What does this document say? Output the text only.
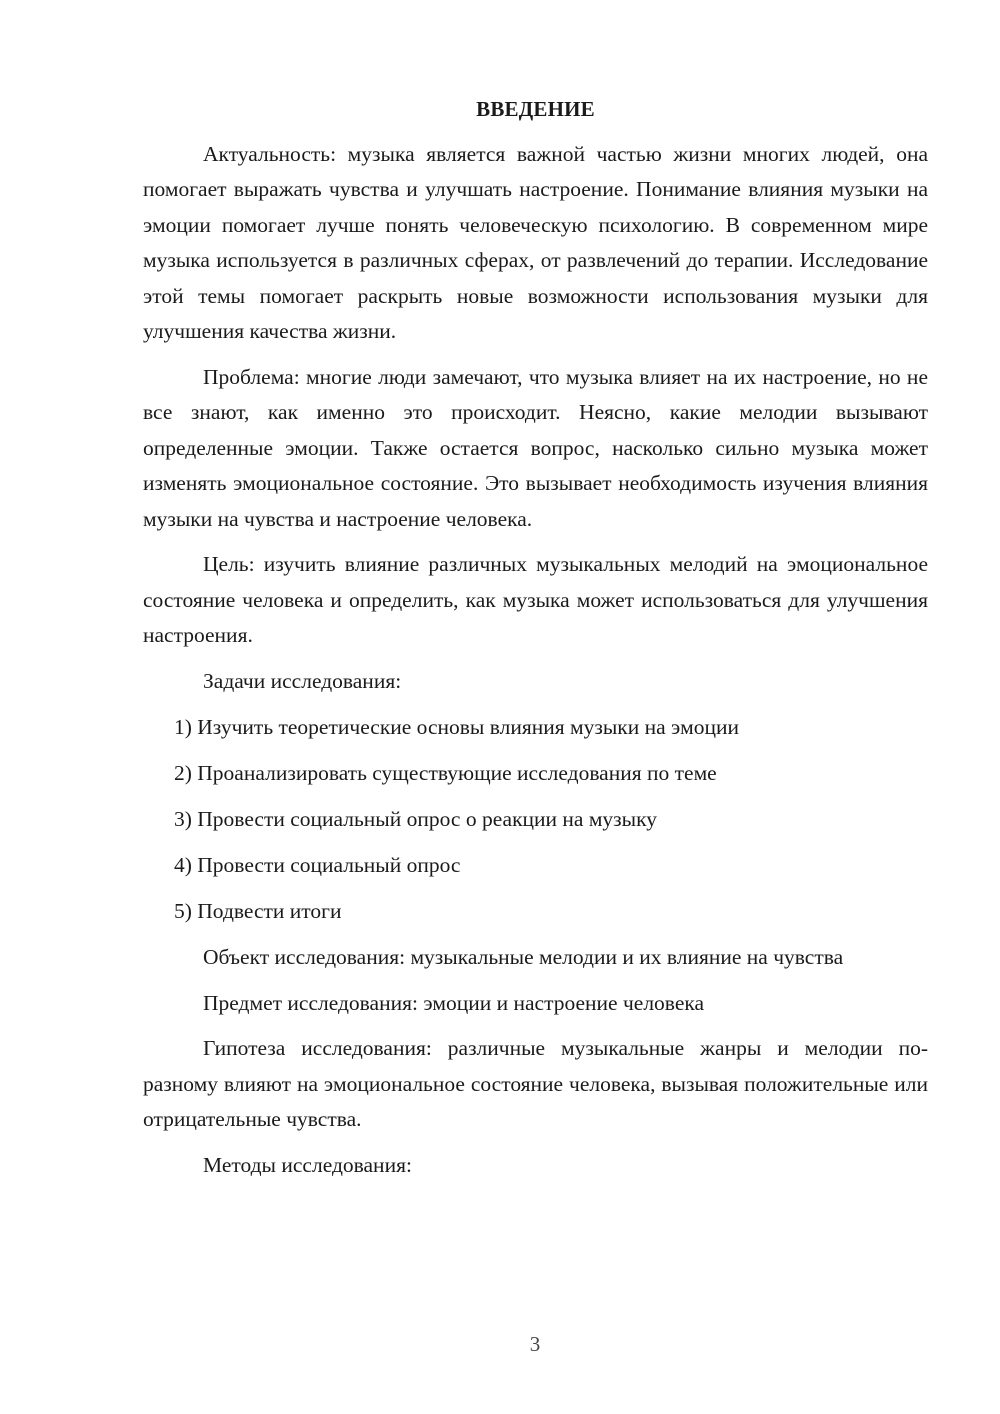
ВВЕДЕНИЕ

Актуальность: музыка является важной частью жизни многих людей, она помогает выражать чувства и улучшать настроение. Понимание влияния музыки на эмоции помогает лучше понять человеческую психологию. В современном мире музыка используется в различных сферах, от развлечений до терапии. Исследование этой темы помогает раскрыть новые возможности использования музыки для улучшения качества жизни.

Проблема: многие люди замечают, что музыка влияет на их настроение, но не все знают, как именно это происходит. Неясно, какие мелодии вызывают определенные эмоции. Также остается вопрос, насколько сильно музыка может изменять эмоциональное состояние. Это вызывает необходимость изучения влияния музыки на чувства и настроение человека.

Цель: изучить влияние различных музыкальных мелодий на эмоциональное состояние человека и определить, как музыка может использоваться для улучшения настроения.

Задачи исследования:

1) Изучить теоретические основы влияния музыки на эмоции
2) Проанализировать существующие исследования по теме
3) Провести социальный опрос о реакции на музыку
4) Провести социальный опрос
5) Подвести итоги

Объект исследования: музыкальные мелодии и их влияние на чувства

Предмет исследования: эмоции и настроение человека

Гипотеза исследования: различные музыкальные жанры и мелодии по-разному влияют на эмоциональное состояние человека, вызывая положительные или отрицательные чувства.

Методы исследования:

3
